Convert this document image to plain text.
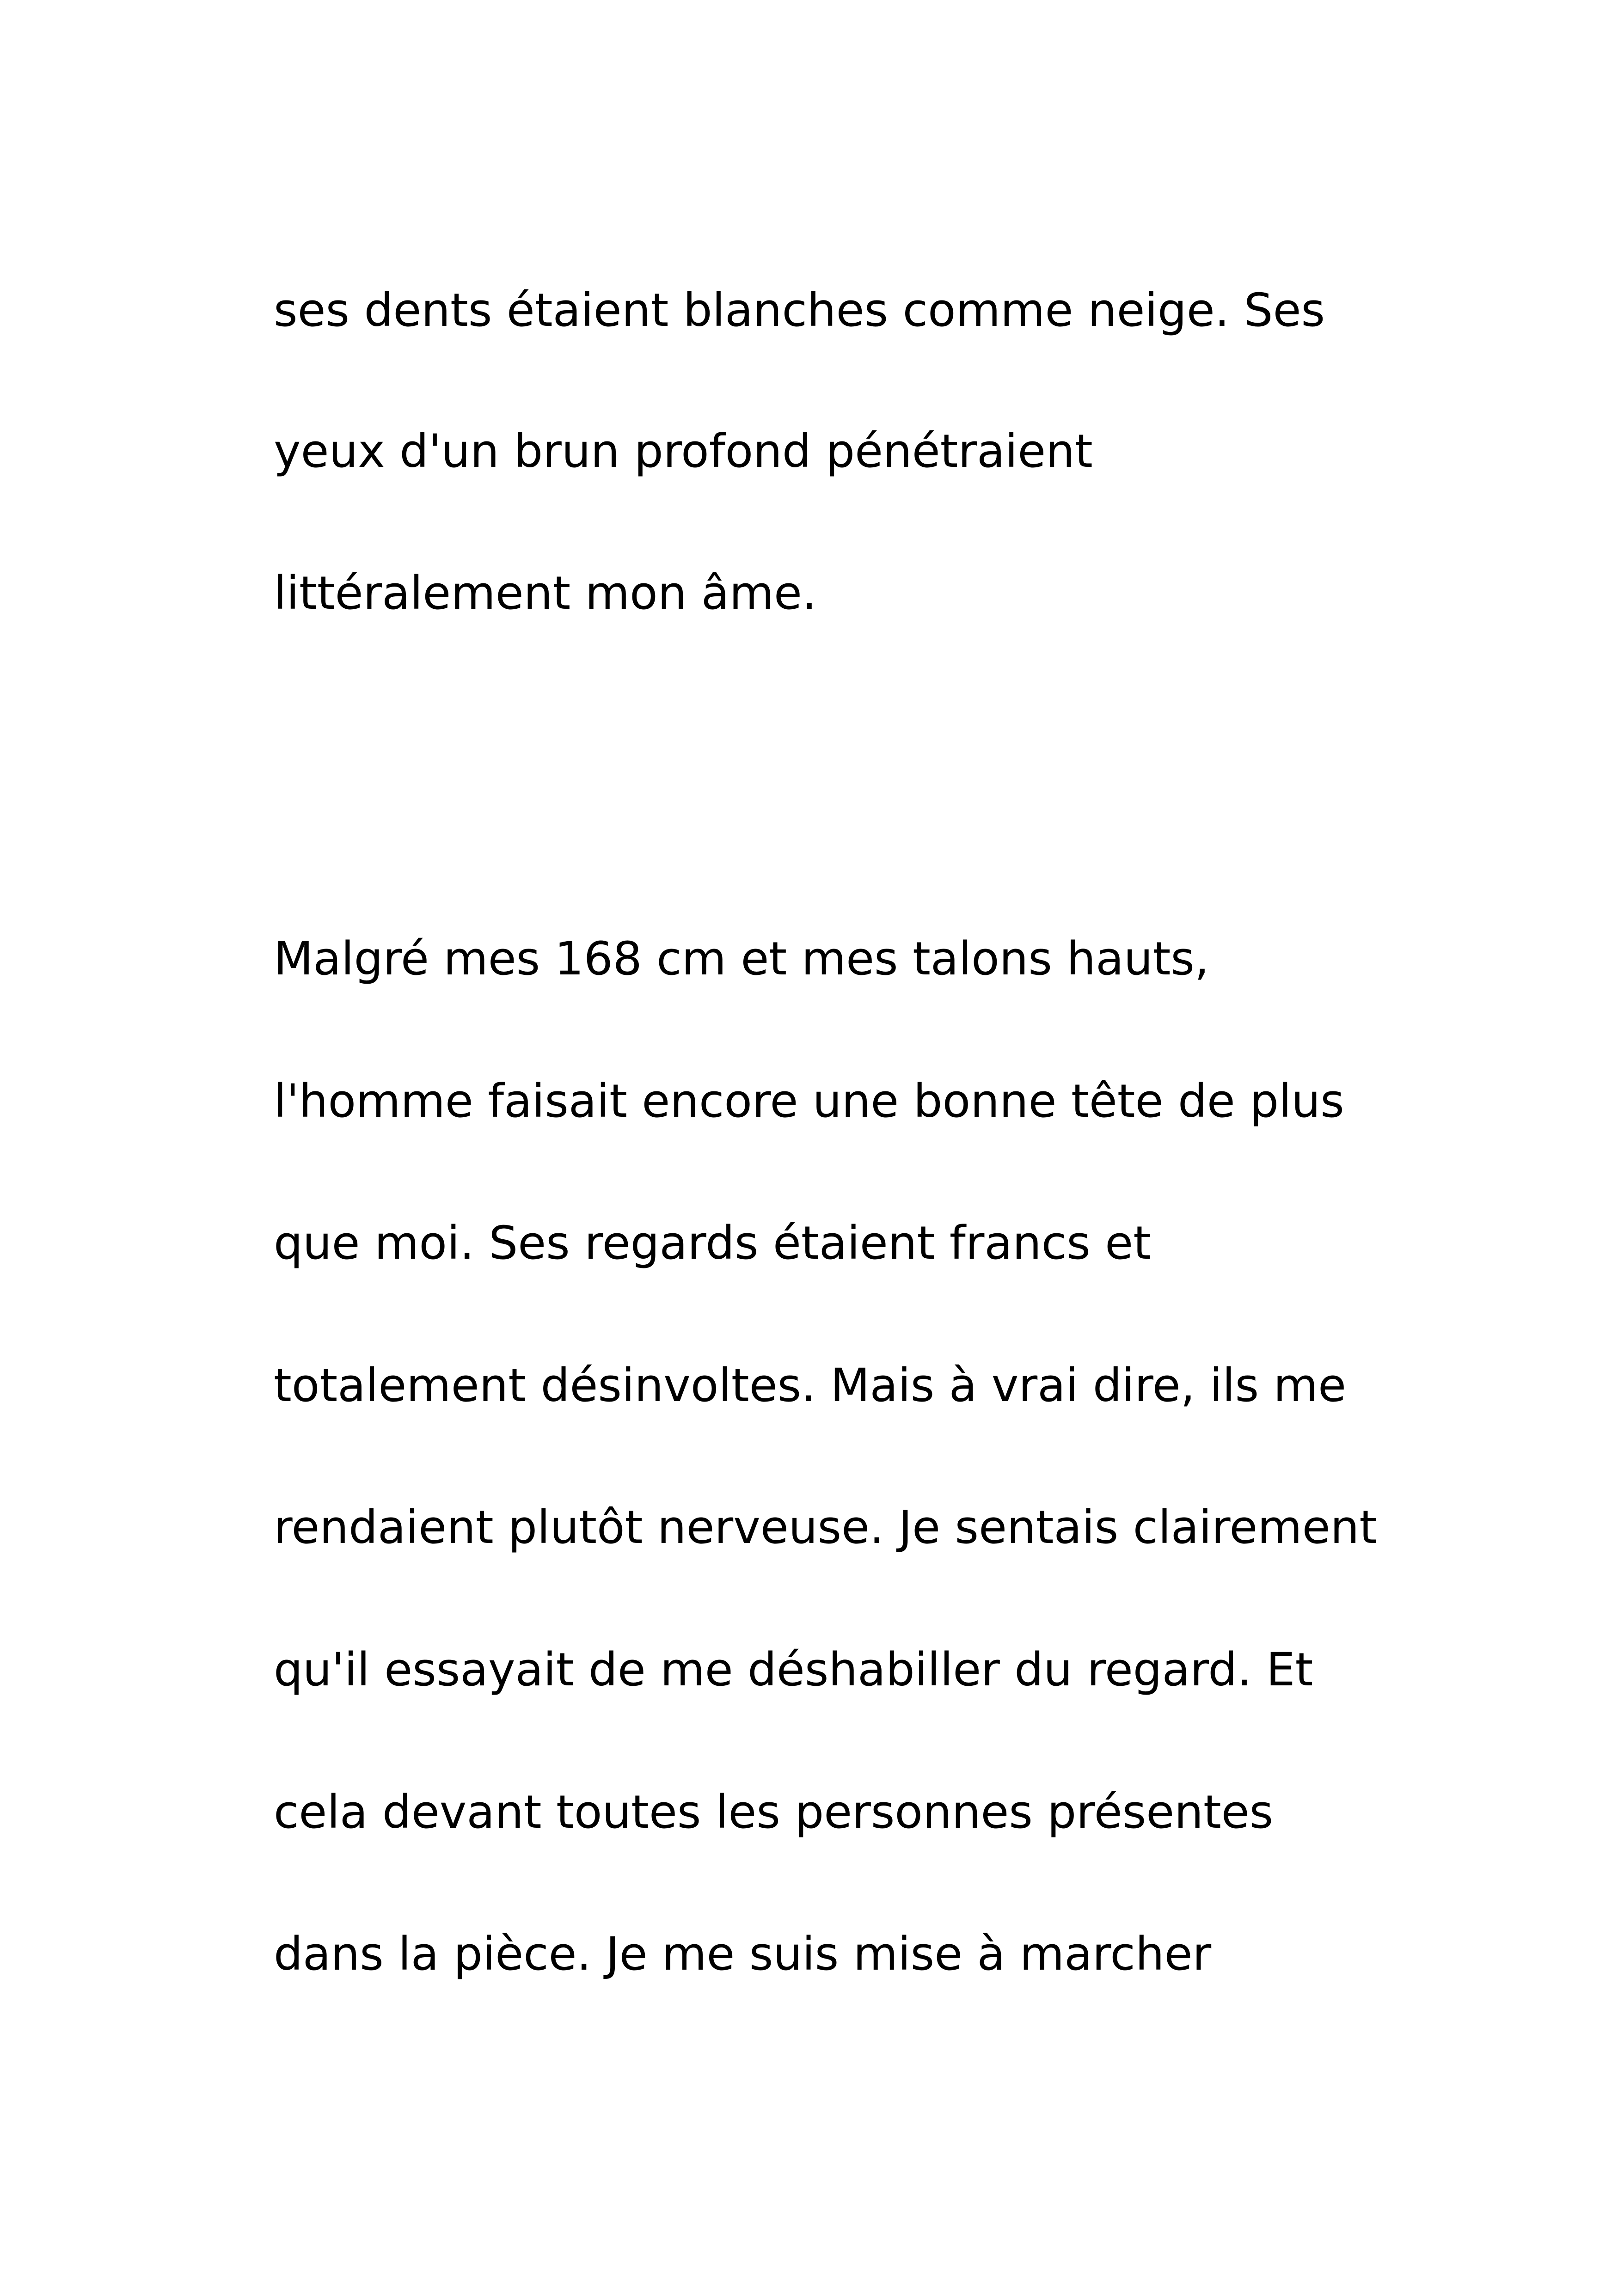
ses dents étaient blanches comme neige. Ses

yeux d'un brun profond pénétraient

littéralement mon âme.

Malgré mes 168 cm et mes talons hauts,

l'homme faisait encore une bonne tête de plus

que moi. Ses regards étaient francs et

totalement désinvoltes. Mais à vrai dire, ils me

rendaient plutôt nerveuse. Je sentais clairement

qu'il essayait de me déshabiller du regard. Et

cela devant toutes les personnes présentes

dans la pièce. Je me suis mise à marcher
